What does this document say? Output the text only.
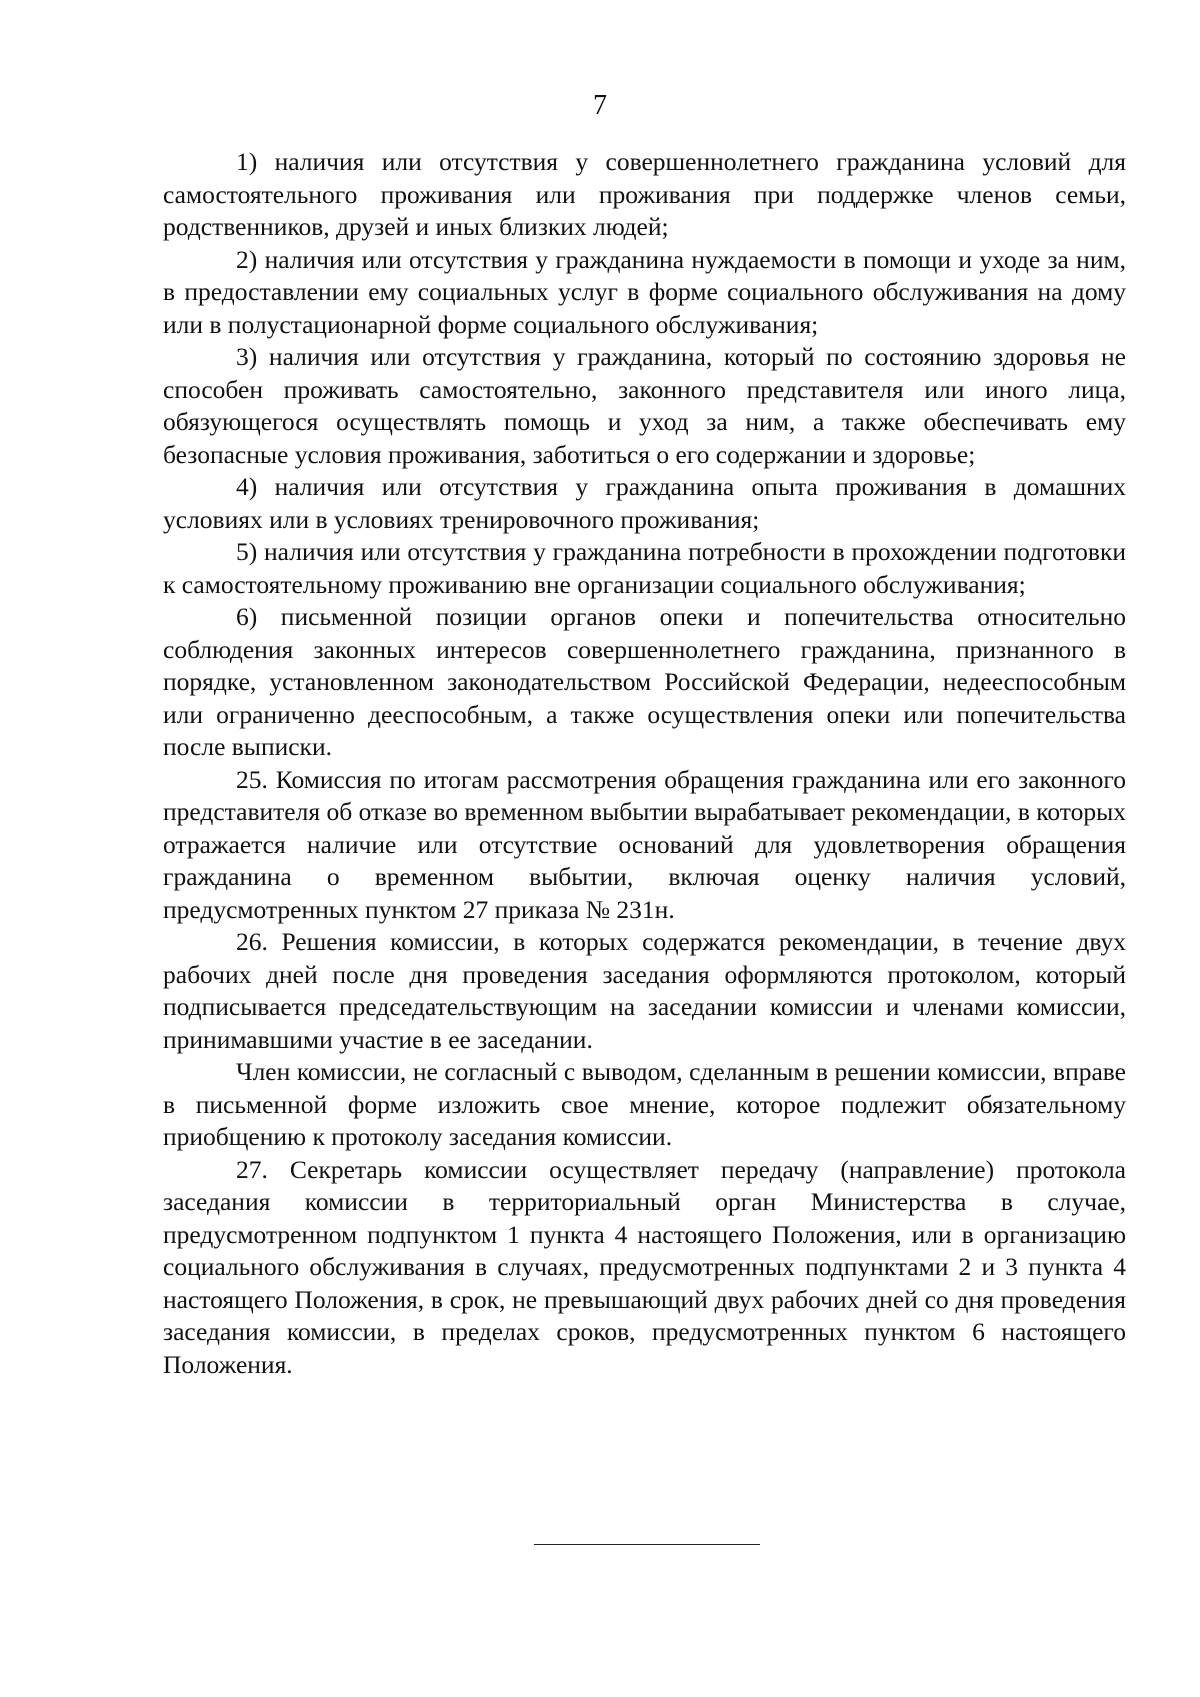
7

1) наличия или отсутствия у совершеннолетнего гражданина условий для самостоятельного проживания или проживания при поддержке членов семьи, родственников, друзей и иных близких людей;

2) наличия или отсутствия у гражданина нуждаемости в помощи и уходе за ним, в предоставлении ему социальных услуг в форме социального обслуживания на дому или в полустационарной форме социального обслуживания;

3) наличия или отсутствия у гражданина, который по состоянию здоровья не способен проживать самостоятельно, законного представителя или иного лица, обязующегося осуществлять помощь и уход за ним, а также обеспечивать ему безопасные условия проживания, заботиться о его содержании и здоровье;

4) наличия или отсутствия у гражданина опыта проживания в домашних условиях или в условиях тренировочного проживания;

5) наличия или отсутствия у гражданина потребности в прохождении подготовки к самостоятельному проживанию вне организации социального обслуживания;

6) письменной позиции органов опеки и попечительства относительно соблюдения законных интересов совершеннолетнего гражданина, признанного в порядке, установленном законодательством Российской Федерации, недееспособным или ограниченно дееспособным, а также осуществления опеки или попечительства после выписки.

25. Комиссия по итогам рассмотрения обращения гражданина или его законного представителя об отказе во временном выбытии вырабатывает рекомендации, в которых отражается наличие или отсутствие оснований для удовлетворения обращения гражданина о временном выбытии, включая оценку наличия условий, предусмотренных пунктом 27 приказа № 231н.

26. Решения комиссии, в которых содержатся рекомендации, в течение двух рабочих дней после дня проведения заседания оформляются протоколом, который подписывается председательствующим на заседании комиссии и членами комиссии, принимавшими участие в ее заседании.

Член комиссии, не согласный с выводом, сделанным в решении комиссии, вправе в письменной форме изложить свое мнение, которое подлежит обязательному приобщению к протоколу заседания комиссии.

27. Секретарь комиссии осуществляет передачу (направление) протокола заседания комиссии в территориальный орган Министерства в случае, предусмотренном подпунктом 1 пункта 4 настоящего Положения, или в организацию социального обслуживания в случаях, предусмотренных подпунктами 2 и 3 пункта 4 настоящего Положения, в срок, не превышающий двух рабочих дней со дня проведения заседания комиссии, в пределах сроков, предусмотренных пунктом 6 настоящего Положения.
